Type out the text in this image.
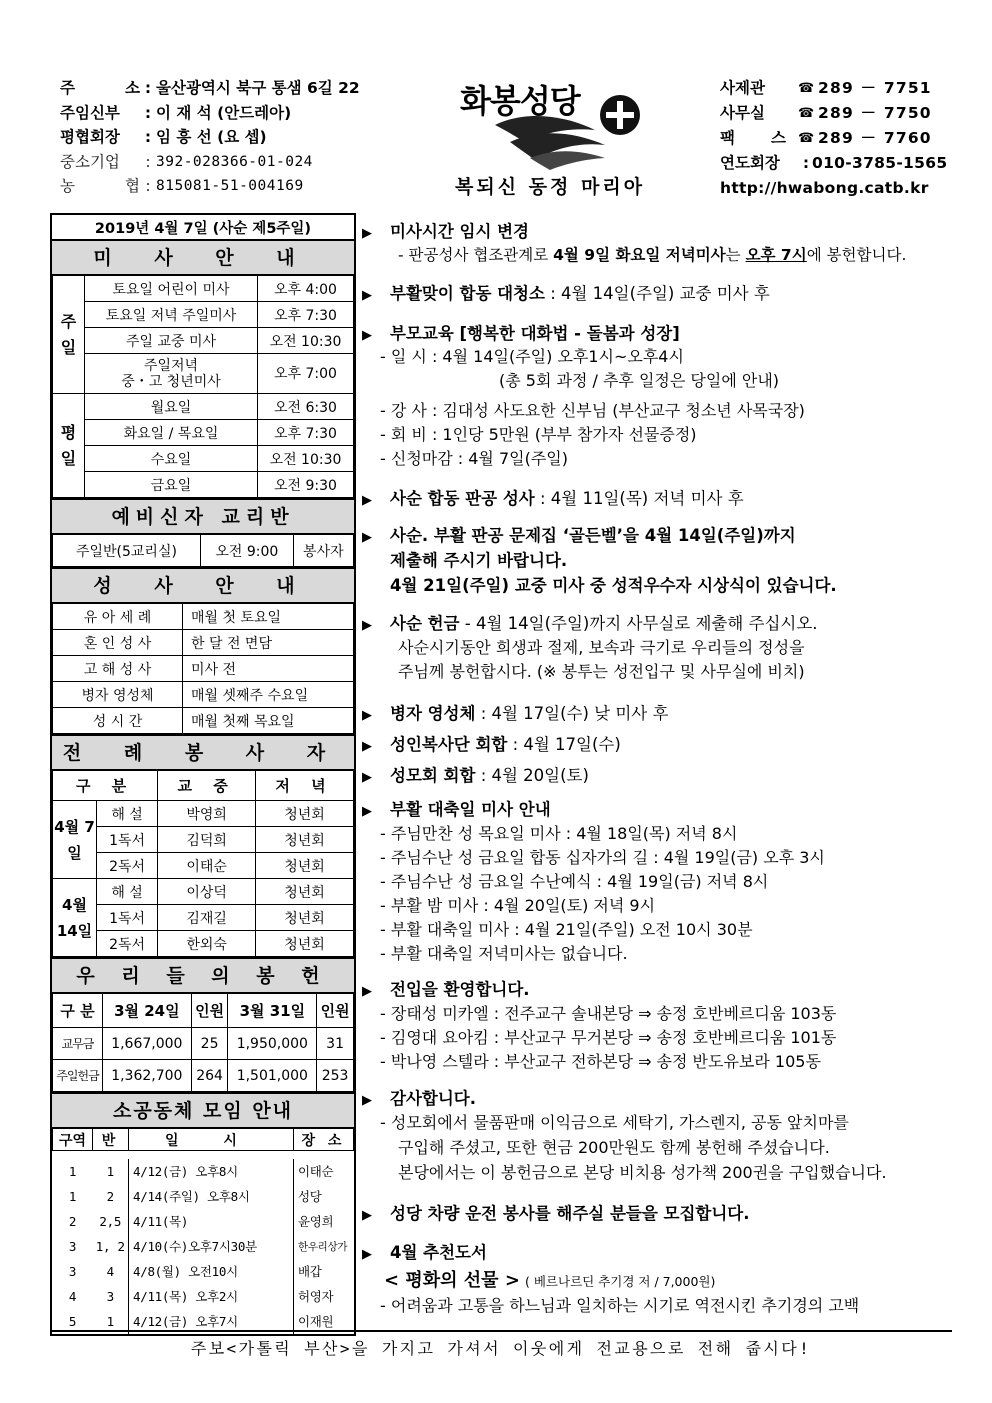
주 소 : 울산광역시 북구 통샘 6길 22
주임신부	: 이 재 석 (안드레아)
평협회장	: 임 흥 선 (요 셉)
중소기업	: 392-028366-01-024
농 협 : 815081-51-004169
화봉성당
복되신 동정 마리아
사제관	☎ 289 － 7751
사무실	☎ 289 － 7750
팩 스 ☎ 289 － 7760
연도회장	: 010-3785-1565
http://hwabong.catb.kr
2019년 4월 7일 (사순 제5주일)
미 사 안 내
주일	토요일 어린이 미사	오후 4:00
	토요일 저녁 주일미사	오후 7:30
	주일 교중 미사	오전 10:30

	주일저녁
중・고 청년미사	오후 7:00
평일	월요일	오전 6:30
	화요일 / 목요일	오후 7:30
	수요일	오전 10:30
	금요일	오전 9:30
예비신자 교리반
주일반(5교리실)	오전 9:00	봉사자
성 사 안 내
유 아 세 례	매월 첫 토요일
혼 인 성 사	한 달 전 면담
고 해 성 사	미사 전
병자 영성체	매월 셋째주 수요일
성 시 간	매월 첫째 목요일
전 례 봉 사 자
구 분		교 중	저 녁
4월 7일	해 설	박영희	청년회
	1독서	김덕희	청년회
	2독서	이태순	청년회
4월 14일	해 설	이상덕	청년회
	1독서	김재길	청년회
	2독서	한외숙	청년회
우 리 들 의 봉 헌
구 분	3월 24일	인원	3월 31일	인원
교무금	1,667,000	25	1,950,000	31
주일헌금	1,362,700	264	1,501,000	253
소공동체 모임 안내
구역	반	일 시	장 소

1	1	4/12(금) 오후8시	이태순
1	2	4/14(주일) 오후8시	성당
2	2,5	4/11(목)	윤영희
3	1, 2	4/10(수)오후7시30분	한우리상가
3	4	4/8(월) 오전10시	배갑
4	3	4/11(목) 오후2시	허영자
5	1	4/12(금) 오후7시	이재원
▶ 미사시간 임시 변경
- 판공성사 협조관계로 4월 9일 화요일 저녁미사는 오후 7시에 봉헌합니다.
▶ 부활맞이 합동 대청소 : 4월 14일(주일) 교중 미사 후
▶ 부모교육 [행복한 대화법 - 돌봄과 성장]
- 일 시 : 4월 14일(주일) 오후1시~오후4시
(총 5회 과정 / 추후 일정은 당일에 안내)
- 강 사 : 김대성 사도요한 신부님 (부산교구 청소년 사목국장)
- 회 비 : 1인당 5만원 (부부 참가자 선물증정)
- 신청마감 : 4월 7일(주일)
▶ 사순 합동 판공 성사 : 4월 11일(목) 저녁 미사 후
▶ 사순. 부활 판공 문제집 ‘골든벨’을 4월 14일(주일)까지
제출해 주시기 바랍니다.
4월 21일(주일) 교중 미사 중 성적우수자 시상식이 있습니다.
▶ 사순 헌금 - 4월 14일(주일)까지 사무실로 제출해 주십시오.
사순시기동안 희생과 절제, 보속과 극기로 우리들의 정성을
주님께 봉헌합시다. (※ 봉투는 성전입구 및 사무실에 비치)
▶ 병자 영성체 : 4월 17일(수) 낮 미사 후
▶ 성인복사단 회합 : 4월 17일(수)
▶ 성모회 회합 : 4월 20일(토)
▶ 부활 대축일 미사 안내
- 주님만찬 성 목요일 미사 : 4월 18일(목) 저녁 8시
- 주님수난 성 금요일 합동 십자가의 길 : 4월 19일(금) 오후 3시
- 주님수난 성 금요일 수난예식 : 4월 19일(금) 저녁 8시
- 부활 밤 미사 : 4월 20일(토) 저녁 9시
- 부활 대축일 미사 : 4월 21일(주일) 오전 10시 30분
- 부활 대축일 저녁미사는 없습니다.
▶ 전입을 환영합니다.
- 장태성 미카엘 : 전주교구 솔내본당 ⇒ 송정 호반베르디움 103동
- 김영대 요아킴 : 부산교구 무거본당 ⇒ 송정 호반베르디움 101동
- 박나영 스텔라 : 부산교구 전하본당 ⇒ 송정 반도유보라 105동
▶ 감사합니다.
- 성모회에서 물품판매 이익금으로 세탁기, 가스렌지, 공동 앞치마를
구입해 주셨고, 또한 현금 200만원도 함께 봉헌해 주셨습니다.
본당에서는 이 봉헌금으로 본당 비치용 성가책 200권을 구입했습니다.
▶ 성당 차량 운전 봉사를 해주실 분들을 모집합니다.
▶ 4월 추천도서
< 평화의 선물 > ( 베르나르딘 추기경 저 / 7,000원)
- 어려움과 고통을 하느님과 일치하는 시기로 역전시킨 추기경의 고백
주보<가톨릭 부산>을 가지고 가셔서 이웃에게 전교용으로 전해 줍시다!
